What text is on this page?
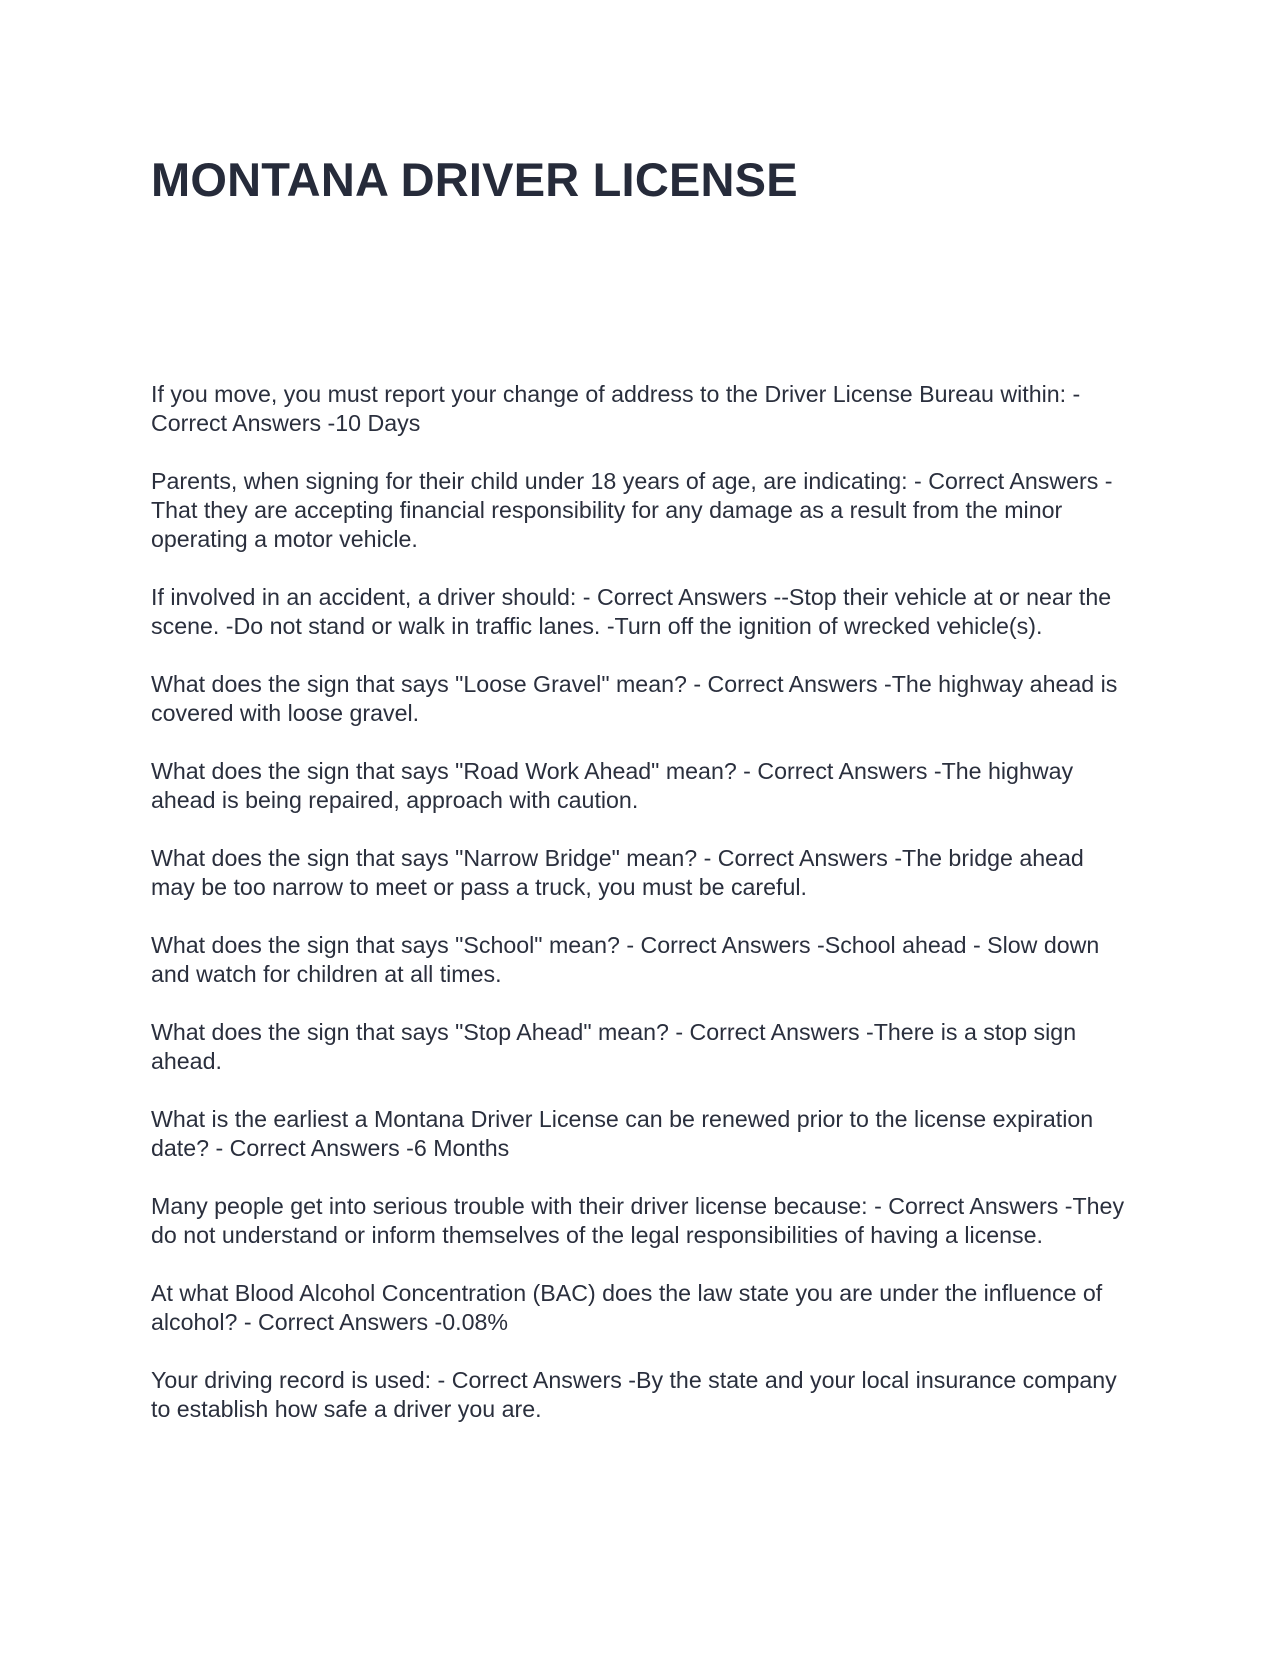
MONTANA DRIVER LICENSE
If you move, you must report your change of address to the Driver License Bureau within: - Correct Answers -10 Days
Parents, when signing for their child under 18 years of age, are indicating: - Correct Answers -That they are accepting financial responsibility for any damage as a result from the minor operating a motor vehicle.
If involved in an accident, a driver should: - Correct Answers --Stop their vehicle at or near the scene. -Do not stand or walk in traffic lanes. -Turn off the ignition of wrecked vehicle(s).
What does the sign that says "Loose Gravel" mean? - Correct Answers -The highway ahead is covered with loose gravel.
What does the sign that says "Road Work Ahead" mean? - Correct Answers -The highway ahead is being repaired, approach with caution.
What does the sign that says "Narrow Bridge" mean? - Correct Answers -The bridge ahead may be too narrow to meet or pass a truck, you must be careful.
What does the sign that says "School" mean? - Correct Answers -School ahead - Slow down and watch for children at all times.
What does the sign that says "Stop Ahead" mean? - Correct Answers -There is a stop sign ahead.
What is the earliest a Montana Driver License can be renewed prior to the license expiration date? - Correct Answers -6 Months
Many people get into serious trouble with their driver license because: - Correct Answers -They do not understand or inform themselves of the legal responsibilities of having a license.
At what Blood Alcohol Concentration (BAC) does the law state you are under the influence of alcohol? - Correct Answers -0.08%
Your driving record is used: - Correct Answers -By the state and your local insurance company to establish how safe a driver you are.
